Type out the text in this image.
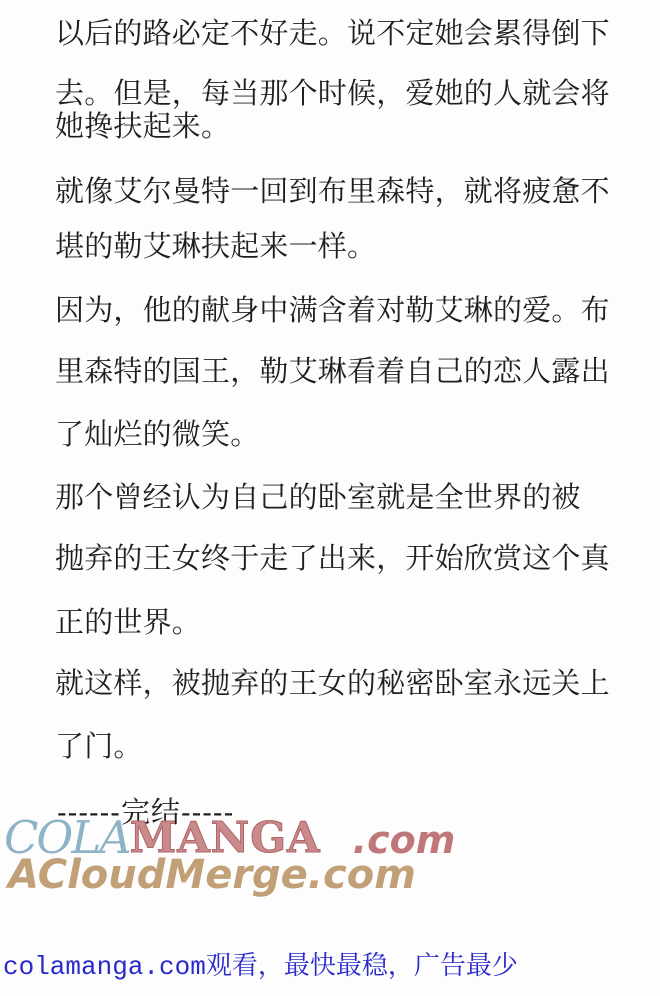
以后的路必定不好走。说不定她会累得倒下
去。但是，每当那个时候，爱她的人就会将
她搀扶起来。
就像艾尔曼特一回到布里森特，就将疲惫不
堪的勒艾琳扶起来一样。
因为，他的献身中满含着对勒艾琳的爱。布
里森特的国王，勒艾琳看着自己的恋人露出
了灿烂的微笑。
那个曾经认为自己的卧室就是全世界的被
抛弃的王女终于走了出来，开始欣赏这个真
正的世界。
就这样，被抛弃的王女的秘密卧室永远关上
了门。
------完结-----
COLA MANGA .com
ACloudMerge.com
colamanga.com观看，最快最稳，广告最少
